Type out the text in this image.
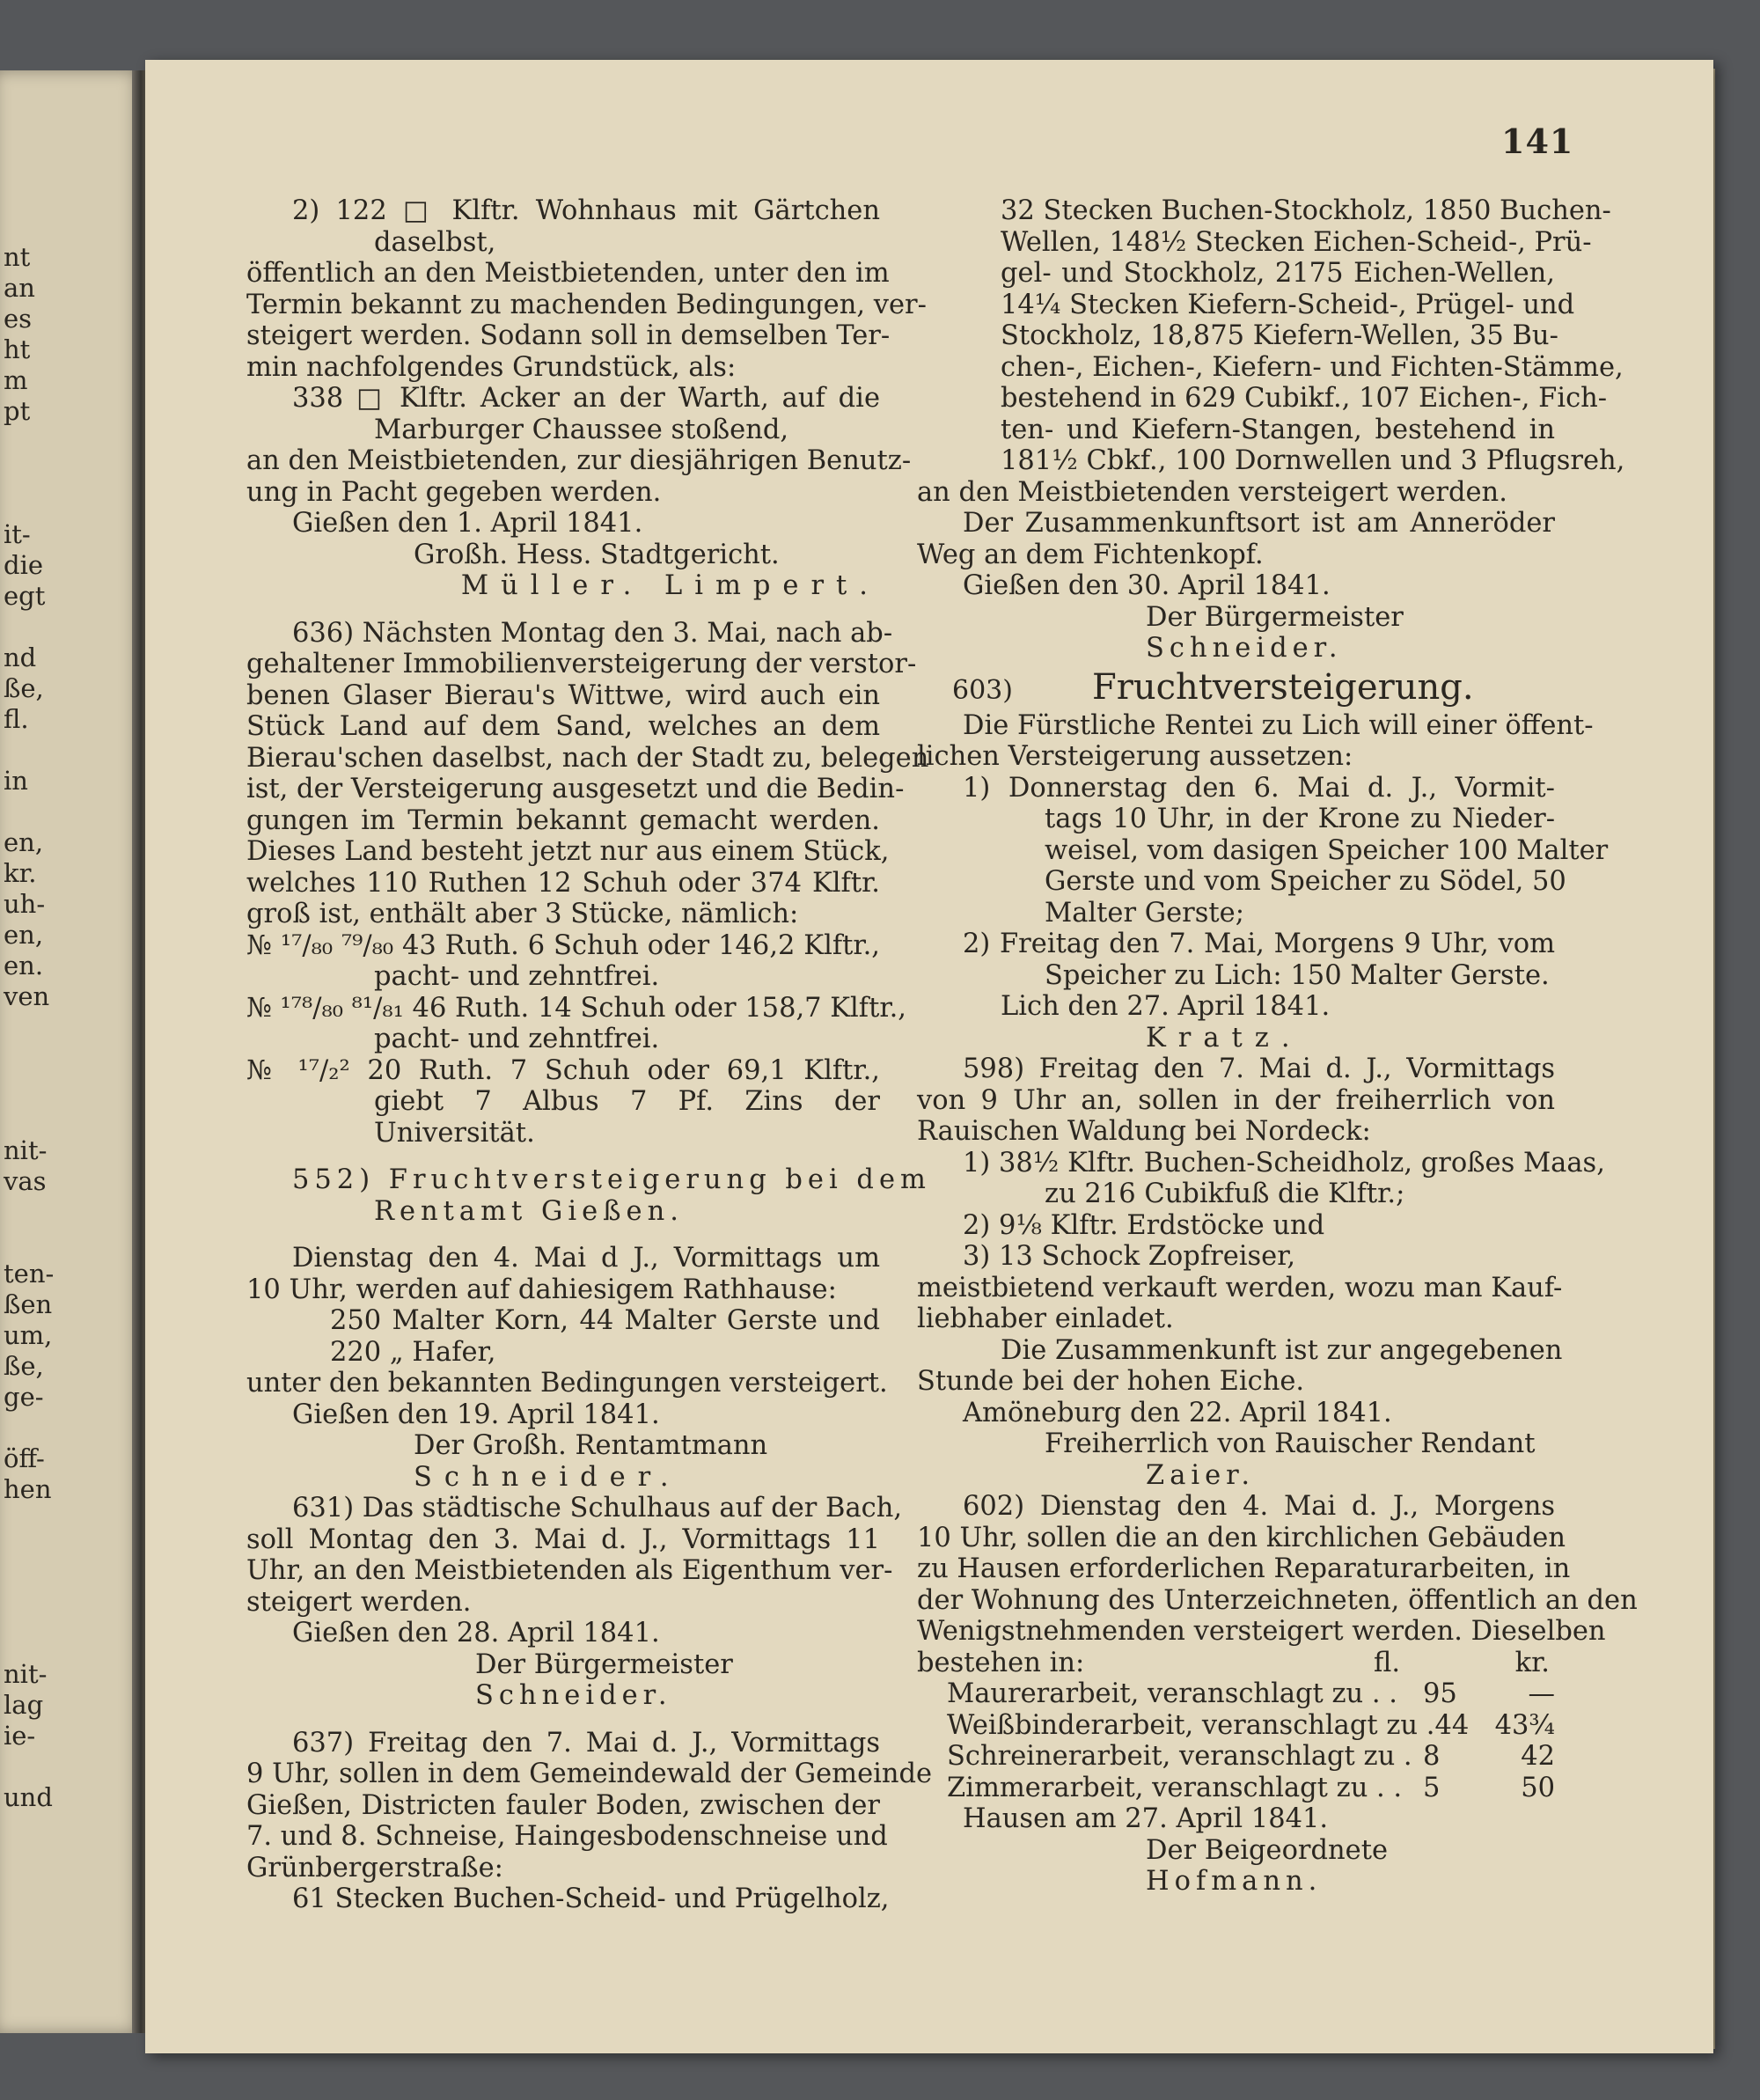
nt
an
es
ht
m
pt
it-
die
egt
nd
ße,
fl.
in
en,
kr.
uh-
en,
en.
ven
nit-
vas
ten-
ßen
um,
ße,
ge-
öff-
hen
nit-
lag
ie-
und
141
2) 122 □ Klftr. Wohnhaus mit Gärtchen
daselbst,
öffentlich an den Meistbietenden, unter den im
Termin bekannt zu machenden Bedingungen, ver-
steigert werden. Sodann soll in demselben Ter-
min nachfolgendes Grundstück, als:
338 □ Klftr. Acker an der Warth, auf die
Marburger Chaussee stoßend,
an den Meistbietenden, zur diesjährigen Benutz-
ung in Pacht gegeben werden.
Gießen den 1. April 1841.
Großh. Hess. Stadtgericht.
Müller. Limpert.
636) Nächsten Montag den 3. Mai, nach ab-
gehaltener Immobilienversteigerung der verstor-
benen Glaser Bierau's Wittwe, wird auch ein
Stück Land auf dem Sand, welches an dem
Bierau'schen daselbst, nach der Stadt zu, belegen
ist, der Versteigerung ausgesetzt und die Bedin-
gungen im Termin bekannt gemacht werden.
Dieses Land besteht jetzt nur aus einem Stück,
welches 110 Ruthen 12 Schuh oder 374 Klftr.
groß ist, enthält aber 3 Stücke, nämlich:
№ ¹⁷/₈₀ ⁷⁹/₈₀ 43 Ruth. 6 Schuh oder 146,2 Klftr.,
pacht- und zehntfrei.
№ ¹⁷⁸/₈₀ ⁸¹/₈₁ 46 Ruth. 14 Schuh oder 158,7 Klftr.,
pacht- und zehntfrei.
№ ¹⁷/₂² 20 Ruth. 7 Schuh oder 69,1 Klftr.,
giebt 7 Albus 7 Pf. Zins der
Universität.
552) Fruchtversteigerung bei dem
Rentamt Gießen.
Dienstag den 4. Mai d J., Vormittags um
10 Uhr, werden auf dahiesigem Rathhause:
250 Malter Korn, 44 Malter Gerste und
220 „ Hafer,
unter den bekannten Bedingungen versteigert.
Gießen den 19. April 1841.
Der Großh. Rentamtmann
Schneider.
631) Das städtische Schulhaus auf der Bach,
soll Montag den 3. Mai d. J., Vormittags 11
Uhr, an den Meistbietenden als Eigenthum ver-
steigert werden.
Gießen den 28. April 1841.
Der Bürgermeister
Schneider.
637) Freitag den 7. Mai d. J., Vormittags
9 Uhr, sollen in dem Gemeindewald der Gemeinde
Gießen, Districten fauler Boden, zwischen der
7. und 8. Schneise, Haingesbodenschneise und
Grünbergerstraße:
61 Stecken Buchen-Scheid- und Prügelholz,
32 Stecken Buchen-Stockholz, 1850 Buchen-
Wellen, 148½ Stecken Eichen-Scheid-, Prü-
gel- und Stockholz, 2175 Eichen-Wellen,
14¼ Stecken Kiefern-Scheid-, Prügel- und
Stockholz, 18,875 Kiefern-Wellen, 35 Bu-
chen-, Eichen-, Kiefern- und Fichten-Stämme,
bestehend in 629 Cubikf., 107 Eichen-, Fich-
ten- und Kiefern-Stangen, bestehend in
181½ Cbkf., 100 Dornwellen und 3 Pflugsreh,
an den Meistbietenden versteigert werden.
Der Zusammenkunftsort ist am Anneröder
Weg an dem Fichtenkopf.
Gießen den 30. April 1841.
Der Bürgermeister
Schneider.
603) Fruchtversteigerung.
Die Fürstliche Rentei zu Lich will einer öffent-
lichen Versteigerung aussetzen:
1) Donnerstag den 6. Mai d. J., Vormit-
tags 10 Uhr, in der Krone zu Nieder-
weisel, vom dasigen Speicher 100 Malter
Gerste und vom Speicher zu Södel, 50
Malter Gerste;
2) Freitag den 7. Mai, Morgens 9 Uhr, vom
Speicher zu Lich: 150 Malter Gerste.
Lich den 27. April 1841.
Kratz.
598) Freitag den 7. Mai d. J., Vormittags
von 9 Uhr an, sollen in der freiherrlich von
Rauischen Waldung bei Nordeck:
1) 38½ Klftr. Buchen-Scheidholz, großes Maas,
zu 216 Cubikfuß die Klftr.;
2) 9⅛ Klftr. Erdstöcke und
3) 13 Schock Zopfreiser,
meistbietend verkauft werden, wozu man Kauf-
liebhaber einladet.
Die Zusammenkunft ist zur angegebenen
Stunde bei der hohen Eiche.
Amöneburg den 22. April 1841.
Freiherrlich von Rauischer Rendant
Zaier.
602) Dienstag den 4. Mai d. J., Morgens
10 Uhr, sollen die an den kirchlichen Gebäuden
zu Hausen erforderlichen Reparaturarbeiten, in
der Wohnung des Unterzeichneten, öffentlich an den
Wenigstnehmenden versteigert werden. Dieselben
bestehen in:	fl.	kr.
Maurerarbeit, veranschlagt zu . . 95	—
Weißbinderarbeit, veranschlagt zu . 44 43¾
Schreinerarbeit, veranschlagt zu . 8	42
Zimmerarbeit, veranschlagt zu . . 5	50
Hausen am 27. April 1841.
Der Beigeordnete
Hofmann.
